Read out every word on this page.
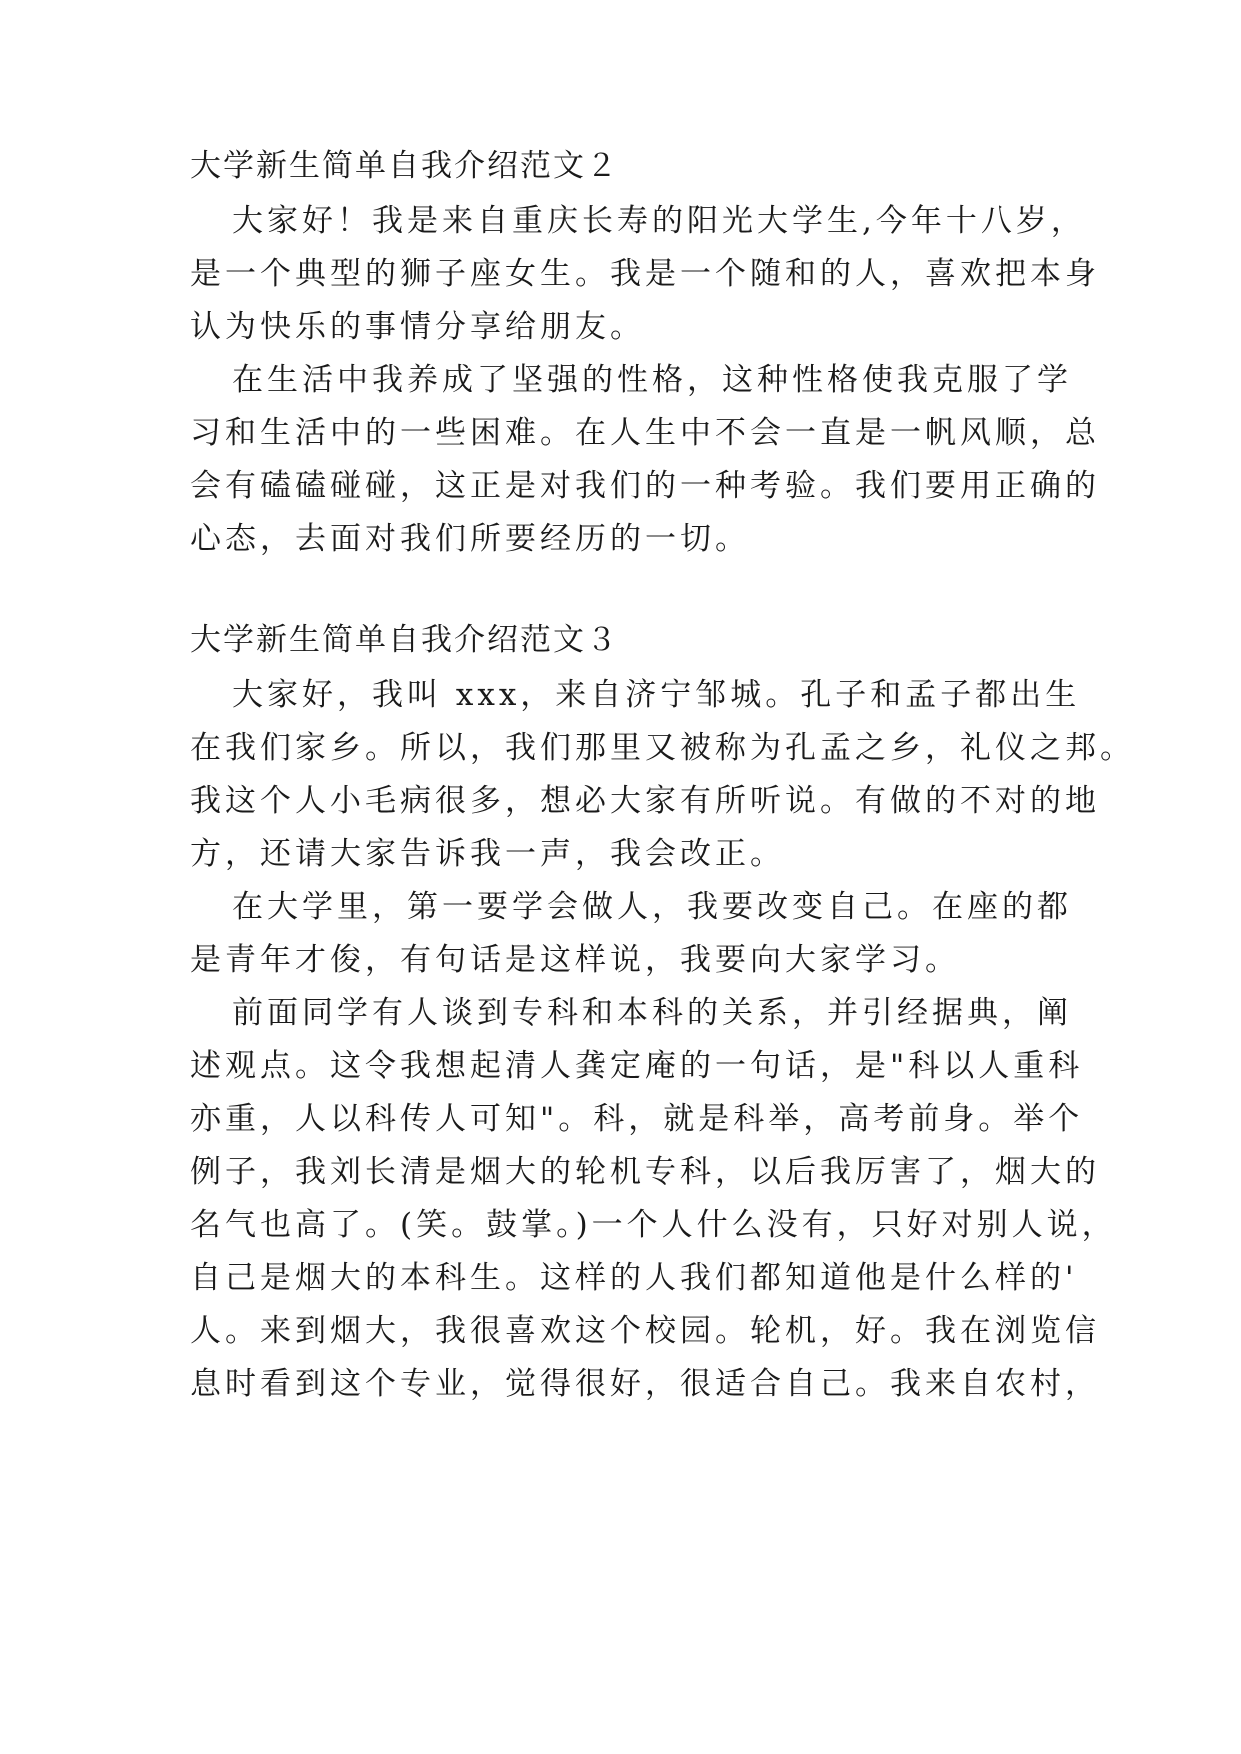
大学新生简单自我介绍范文２

大家好！我是来自重庆长寿的阳光大学生,今年十八岁，

是一个典型的狮子座女生。我是一个随和的人，喜欢把本身

认为快乐的事情分享给朋友。

在生活中我养成了坚强的性格，这种性格使我克服了学

习和生活中的一些困难。在人生中不会一直是一帆风顺，总

会有磕磕碰碰，这正是对我们的一种考验。我们要用正确的

心态，去面对我们所要经历的一切。

大学新生简单自我介绍范文３

大家好，我叫 xxx，来自济宁邹城。孔子和孟子都出生

在我们家乡。所以，我们那里又被称为孔孟之乡，礼仪之邦。

我这个人小毛病很多，想必大家有所听说。有做的不对的地

方，还请大家告诉我一声，我会改正。

在大学里，第一要学会做人，我要改变自己。在座的都

是青年才俊，有句话是这样说，我要向大家学习。

前面同学有人谈到专科和本科的关系，并引经据典，阐

述观点。这令我想起清人龚定庵的一句话，是"科以人重科

亦重，人以科传人可知"。科，就是科举，高考前身。举个

例子，我刘长清是烟大的轮机专科，以后我厉害了，烟大的

名气也高了。(笑。鼓掌。)一个人什么没有，只好对别人说，

自己是烟大的本科生。这样的人我们都知道他是什么样的'

人。来到烟大，我很喜欢这个校园。轮机，好。我在浏览信

息时看到这个专业，觉得很好，很适合自己。我来自农村，
